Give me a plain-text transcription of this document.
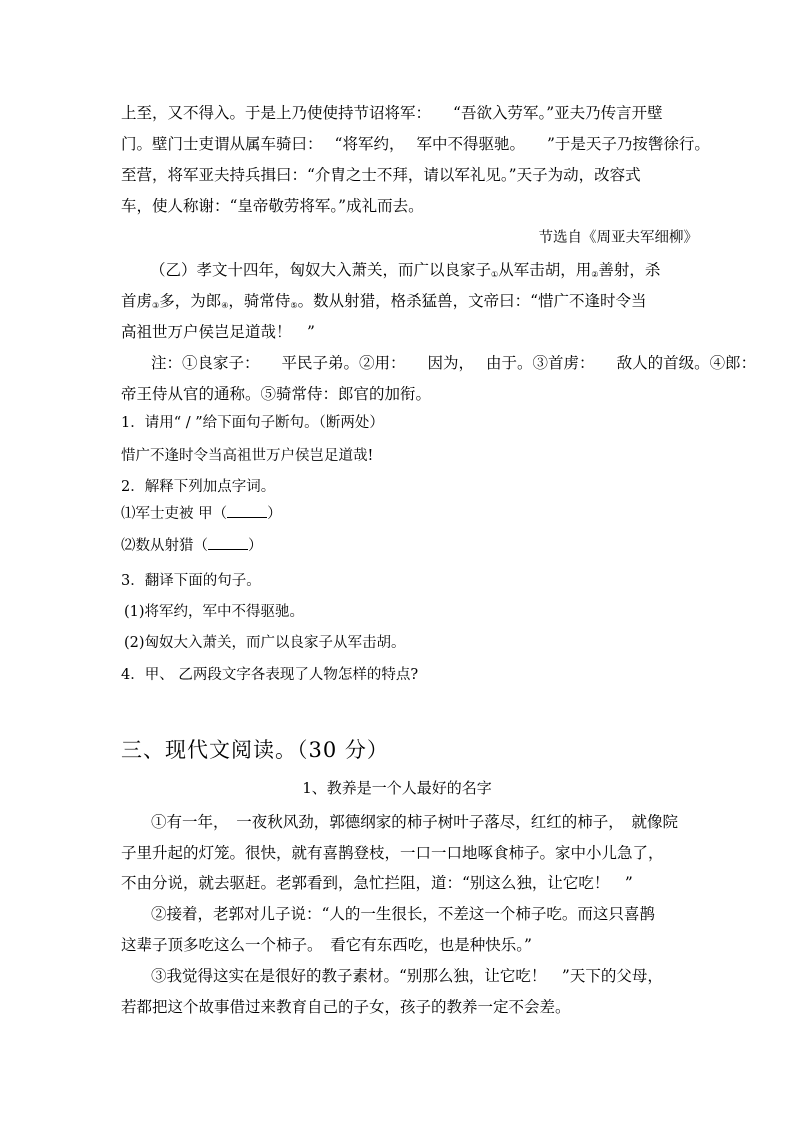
上至，又不得入。于是上乃使使持节诏将军： “吾欲入劳军。”亚夫乃传言开壁
门。壁门士吏谓从属车骑曰： “将军约， 军中不得驱驰。 ”于是天子乃按辔徐行。
至营，将军亚夫持兵揖曰：“介胄之士不拜，请以军礼见。”天子为动，改容式
车，使人称谢：“皇帝敬劳将军。”成礼而去。
节选自《周亚夫军细柳》
（乙）孝文十四年，匈奴大入萧关，而广以良家子$_①$从军击胡，用$_②$善射，杀
首虏$_③$多，为郎$_④$，骑常侍$_⑤$。数从射猎，格杀猛兽，文帝曰：“惜广不逢时令当
高祖世万户侯岂足道哉！　”
注：①良家子： 平民子弟。②用： 因为， 由于。③首虏： 敌人的首级。④郎：
帝王侍从官的通称。⑤骑常侍：郎官的加衔。
1．请用“ / ”给下面句子断句。（断两处）
惜广不逢时令当高祖世万户侯岂足道哉!
2．解释下列加点字词。
⑴军士吏被 甲（	）
⑵数从射猎（	）
3．翻译下面的句子。
(1)将军约，军中不得驱驰。
(2)匈奴大入萧关，而广以良家子从军击胡。
4．甲、 乙两段文字各表现了人物怎样的特点?
三、现代文阅读。（30 分）
1、教养是一个人最好的名字
①有一年，　一夜秋风劲，郭德纲家的柿子树叶子落尽，红红的柿子，　就像院
子里升起的灯笼。很快，就有喜鹊登枝，一口一口地啄食柿子。家中小儿急了，
不由分说，就去驱赶。老郭看到，急忙拦阻，道：“别这么独，让它吃！　”
②接着，老郭对儿子说：“人的一生很长，不差这一个柿子吃。而这只喜鹊
这辈子顶多吃这么一个柿子。　看它有东西吃，也是种快乐。”
③我觉得这实在是很好的教子素材。“别那么独，让它吃！　”天下的父母，
若都把这个故事借过来教育自己的子女，孩子的教养一定不会差。
